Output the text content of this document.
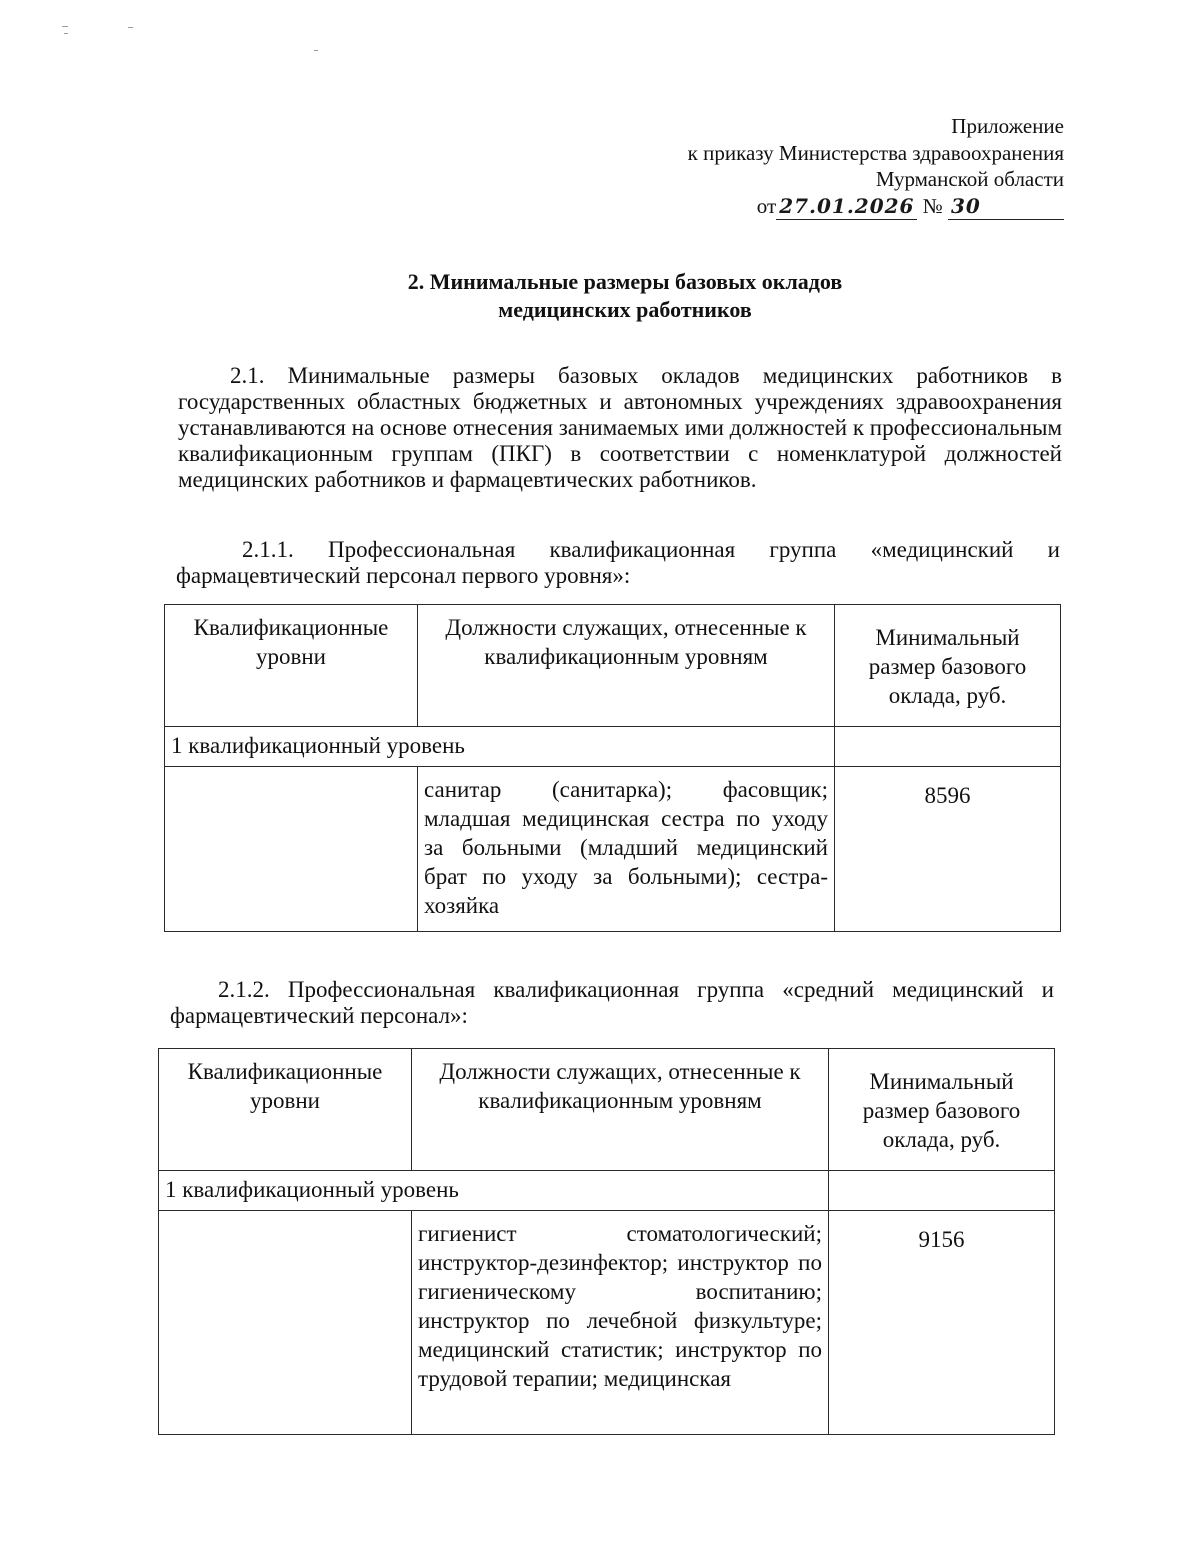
Приложение
к приказу Министерства здравоохранения
Мурманской области
от 27.01.2026 № 30
2. Минимальные размеры базовых окладов
медицинских работников

2.1. Минимальные размеры базовых окладов медицинских работников в государственных областных бюджетных и автономных учреждениях здравоохранения устанавливаются на основе отнесения занимаемых ими должностей к профессиональным квалификационным группам (ПКГ) в соответствии с номенклатурой должностей медицинских работников и фармацевтических работников.

2.1.1. Профессиональная квалификационная группа «медицинский и фармацевтический персонал первого уровня»:

Квалификационные уровни	Должности служащих, отнесенные к квалификационным уровням	Минимальный размер базового оклада, руб.
1 квалификационный уровень		
	санитар (санитарка); фасовщик; младшая медицинская сестра по уходу за больными (младший медицинский брат по уходу за больными); сестра-хозяйка	8596

2.1.2. Профессиональная квалификационная группа «средний медицинский и фармацевтический персонал»:

Квалификационные уровни	Должности служащих, отнесенные к квалификационным уровням	Минимальный размер базового оклада, руб.
1 квалификационный уровень		
	гигиенист стоматологический; инструктор-дезинфектор; инструктор по гигиеническому воспитанию; инструктор по лечебной физкультуре; медицинский статистик; инструктор по трудовой терапии; медицинская	9156
